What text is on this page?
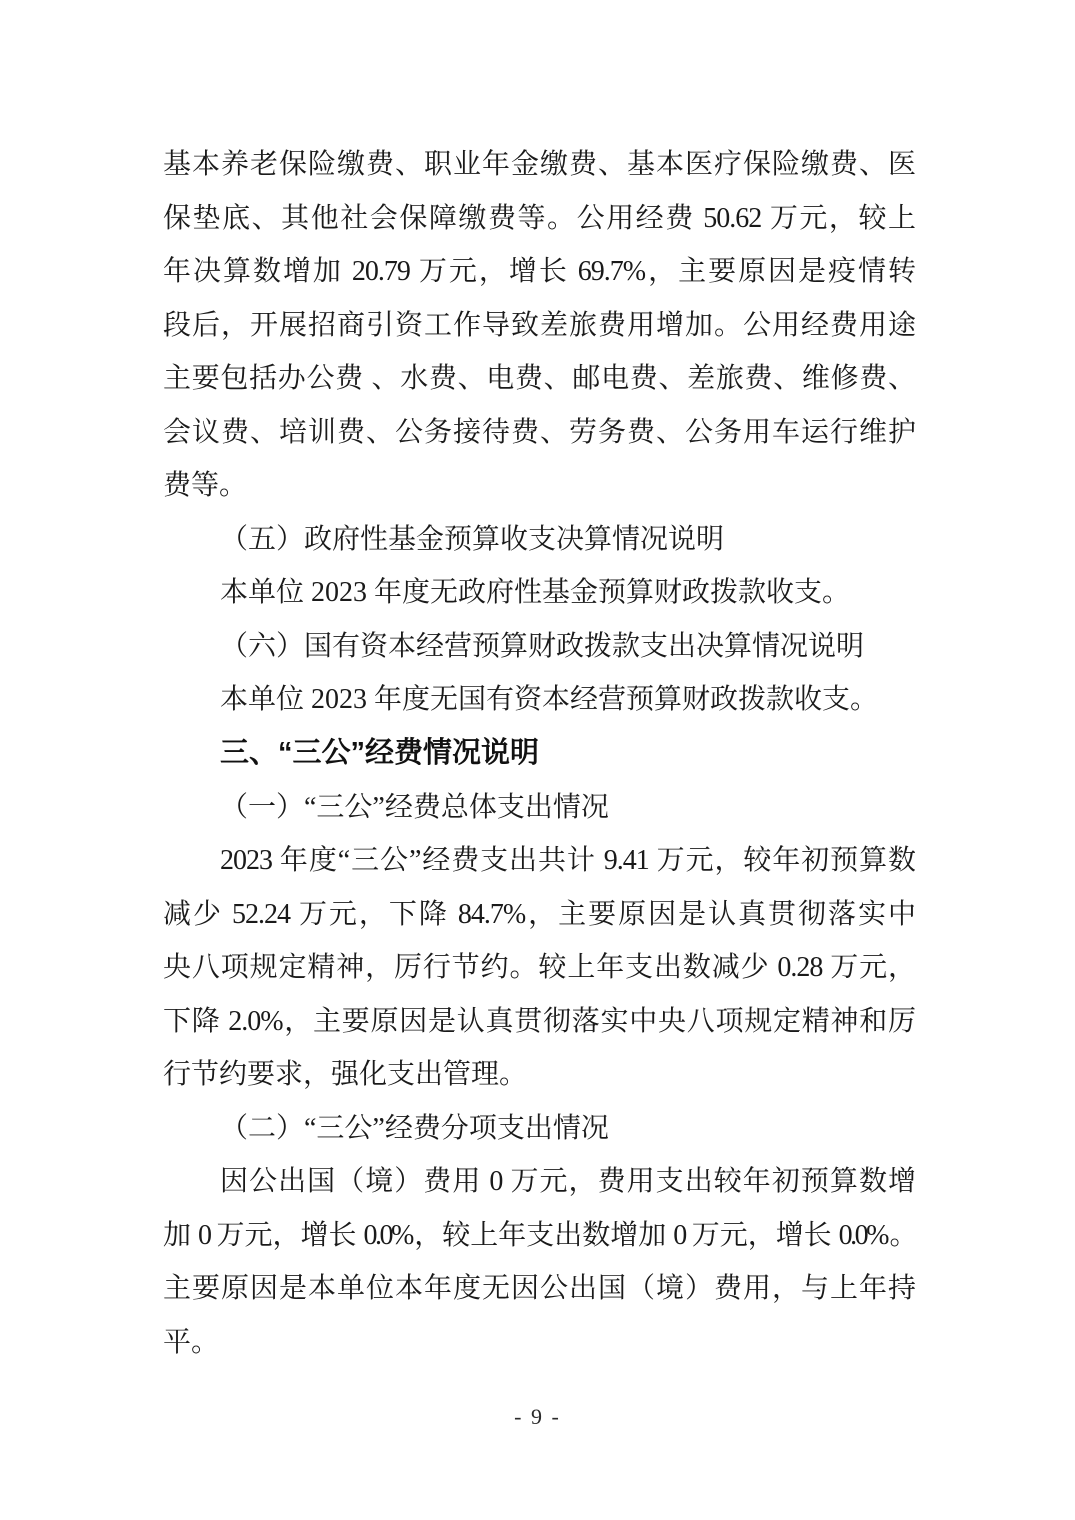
基本养老保险缴费、职业年金缴费、基本医疗保险缴费、医
保垫底、其他社会保障缴费等。公用经费 50.62 万元，较上
年决算数增加 20.79 万元，增长 69.7%，主要原因是疫情转
段后，开展招商引资工作导致差旅费用增加。公用经费用途
主要包括办公费 、水费、电费、邮电费、差旅费、维修费、
会议费、培训费、公务接待费、劳务费、公务用车运行维护
费等。
（五）政府性基金预算收支决算情况说明
本单位 2023 年度无政府性基金预算财政拨款收支。
（六）国有资本经营预算财政拨款支出决算情况说明
本单位 2023 年度无国有资本经营预算财政拨款收支。
三、“三公”经费情况说明
（一）“三公”经费总体支出情况
2023 年度“三公”经费支出共计 9.41 万元，较年初预算数
减少 52.24 万元，下降 84.7%，主要原因是认真贯彻落实中
央八项规定精神，厉行节约。较上年支出数减少 0.28 万元，
下降 2.0%，主要原因是认真贯彻落实中央八项规定精神和厉
行节约要求，强化支出管理。
（二）“三公”经费分项支出情况
因公出国（境）费用 0 万元，费用支出较年初预算数增
加 0 万元，增长 0.0%，较上年支出数增加 0 万元，增长 0.0%。
主要原因是本单位本年度无因公出国（境）费用，与上年持
平。
- 9 -
